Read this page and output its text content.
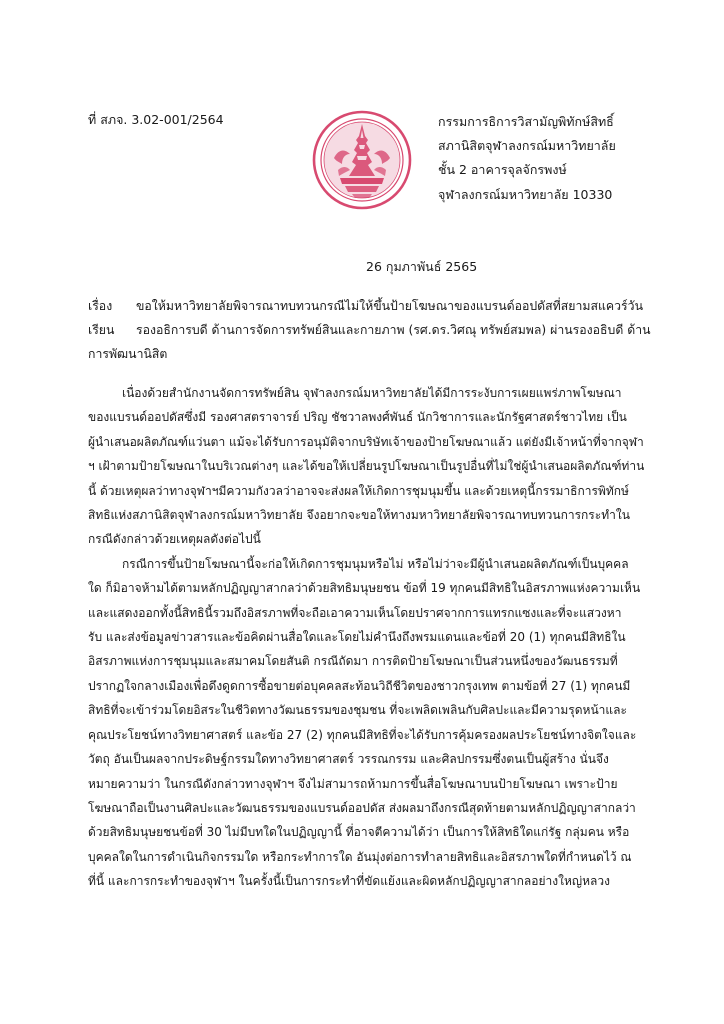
ที่ สภจ. 3.02-001/2564	กรรมการธิการวิสามัญพิทักษ์สิทธิ์
สภานิสิตจุฬาลงกรณ์มหาวิทยาลัย
ชั้น 2 อาคารจุลจักรพงษ์
จุฬาลงกรณ์มหาวิทยาลัย 10330
26 กุมภาพันธ์ 2565
เรื่อง	ขอให้มหาวิทยาลัยพิจารณาทบทวนกรณีไม่ให้ขึ้นป้ายโฆษณาของแบรนด์ออปดัสที่สยามสแควร์วัน
เรียน	รองอธิการบดี ด้านการจัดการทรัพย์สินและกายภาพ (รศ.ดร.วิศณุ ทรัพย์สมพล) ผ่านรองอธิบดี ด้าน
การพัฒนานิสิต
เนื่องด้วยสำนักงานจัดการทรัพย์สิน จุฬาลงกรณ์มหาวิทยาลัยได้มีการระงับการเผยแพร่ภาพโฆษณา
ของแบรนด์ออปดัสซึ่งมี รองศาสตราจารย์ ปริญ ชัชวาลพงศ์พันธ์ นักวิชาการและนักรัฐศาสตร์ชาวไทย เป็น
ผู้นำเสนอผลิตภัณฑ์แว่นตา แม้จะได้รับการอนุมัติจากบริษัทเจ้าของป้ายโฆษณาแล้ว แต่ยังมีเจ้าหน้าที่จากจุฬา
ฯ เฝ้าตามป้ายโฆษณาในบริเวณต่างๆ และได้ขอให้เปลี่ยนรูปโฆษณาเป็นรูปอื่นที่ไม่ใช่ผู้นำเสนอผลิตภัณฑ์ท่าน
นี้ ด้วยเหตุผลว่าทางจุฬาฯมีความกังวลว่าอาจจะส่งผลให้เกิดการชุมนุมขึ้น และด้วยเหตุนี้กรรมาธิการพิทักษ์
สิทธิแห่งสภานิสิตจุฬาลงกรณ์มหาวิทยาลัย จึงอยากจะขอให้ทางมหาวิทยาลัยพิจารณาทบทวนการกระทำใน
กรณีดังกล่าวด้วยเหตุผลดังต่อไปนี้
กรณีการขึ้นป้ายโฆษณานี้จะก่อให้เกิดการชุมนุมหรือไม่ หรือไม่ว่าจะมีผู้นำเสนอผลิตภัณฑ์เป็นบุคคล
ใด ก็มิอาจห้ามได้ตามหลักปฏิญญาสากลว่าด้วยสิทธิมนุษยชน ข้อที่ 19 ทุกคนมีสิทธิในอิสรภาพแห่งความเห็น
และแสดงออกทั้งนี้สิทธินี้รวมถึงอิสรภาพที่จะถือเอาความเห็นโดยปราศจากการแทรกแซงและที่จะแสวงหา
รับ และส่งข้อมูลข่าวสารและข้อคิดผ่านสื่อใดและโดยไม่คำนึงถึงพรมแดนและข้อที่ 20 (1) ทุกคนมีสิทธิใน
อิสรภาพแห่งการชุมนุมและสมาคมโดยสันติ กรณีถัดมา การติดป้ายโฆษณาเป็นส่วนหนึ่งของวัฒนธรรมที่
ปรากฏใจกลางเมืองเพื่อดึงดูดการซื้อขายต่อบุคคลสะท้อนวิถีชีวิตของชาวกรุงเทพ ตามข้อที่ 27 (1) ทุกคนมี
สิทธิที่จะเข้าร่วมโดยอิสระในชีวิตทางวัฒนธรรมของชุมชน ที่จะเพลิดเพลินกับศิลปะและมีความรุดหน้าและ
คุณประโยชน์ทางวิทยาศาสตร์ และข้อ 27 (2) ทุกคนมีสิทธิที่จะได้รับการคุ้มครองผลประโยชน์ทางจิตใจและ
วัตถุ อันเป็นผลจากประดิษฐ์กรรมใดทางวิทยาศาสตร์ วรรณกรรม และศิลปกรรมซึ่งตนเป็นผู้สร้าง นั่นจึง
หมายความว่า ในกรณีดังกล่าวทางจุฬาฯ จึงไม่สามารถห้ามการขึ้นสื่อโฆษณาบนป้ายโฆษณา เพราะป้าย
โฆษณาถือเป็นงานศิลปะและวัฒนธรรมของแบรนด์ออปดัส ส่งผลมาถึงกรณีสุดท้ายตามหลักปฏิญญาสากลว่า
ด้วยสิทธิมนุษยชนข้อที่ 30 ไม่มีบทใดในปฏิญญานี้ ที่อาจตีความได้ว่า เป็นการให้สิทธิใดแก่รัฐ กลุ่มคน หรือ
บุคคลใดในการดำเนินกิจกรรมใด หรือกระทำการใด อันมุ่งต่อการทำลายสิทธิและอิสรภาพใดที่กำหนดไว้ ณ
ที่นี้ และการกระทำของจุฬาฯ ในครั้งนี้เป็นการกระทำที่ขัดแย้งและผิดหลักปฏิญญาสากลอย่างใหญ่หลวง
